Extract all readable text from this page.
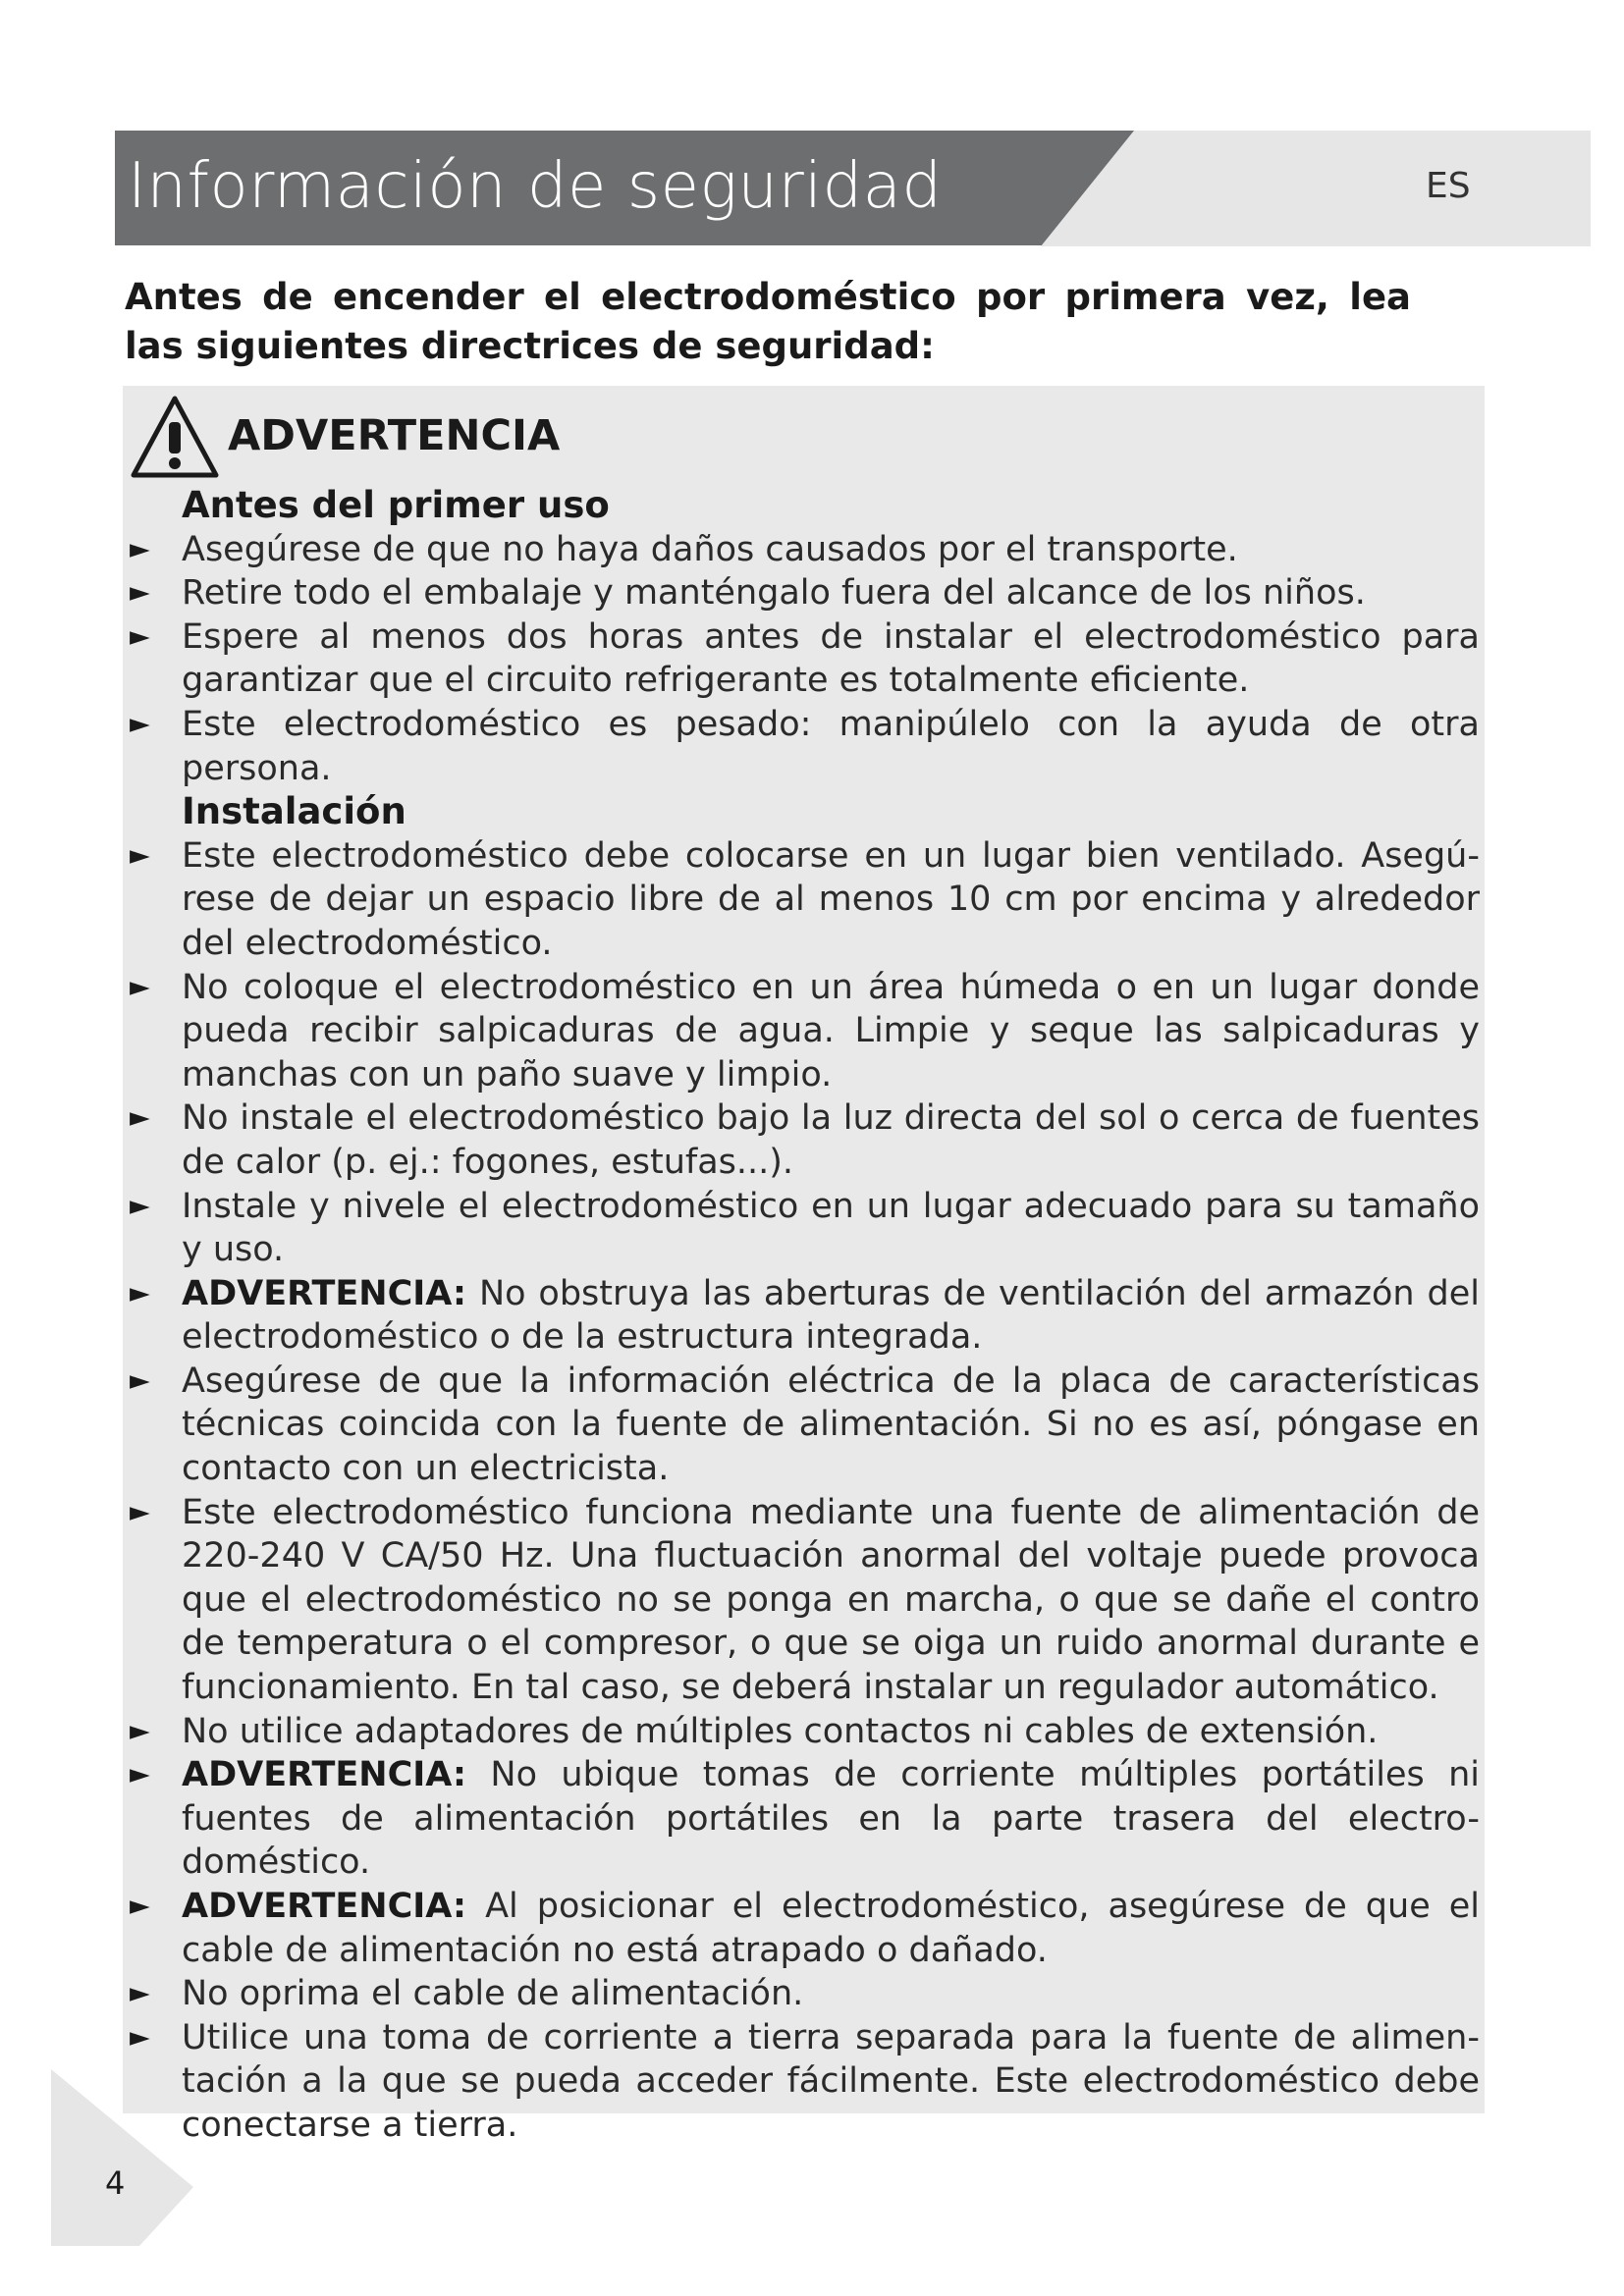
Información de seguridad	ES
Antes de encender el electrodoméstico por primera vez, lea las siguientes directrices de seguridad:
ADVERTENCIA
Antes del primer uso
► Asegúrese de que no haya daños causados por el transporte.
► Retire todo el embalaje y manténgalo fuera del alcance de los niños.
► Espere al menos dos horas antes de instalar el electrodoméstico para garantizar que el circuito refrigerante es totalmente eficiente.
► Este electrodoméstico es pesado: manipúlelo con la ayuda de otra persona.
Instalación
► Este electrodoméstico debe colocarse en un lugar bien ventilado. Asegú-rese de dejar un espacio libre de al menos 10 cm por encima y alrededor del electrodoméstico.
► No coloque el electrodoméstico en un área húmeda o en un lugar donde pueda recibir salpicaduras de agua. Limpie y seque las salpicaduras y manchas con un paño suave y limpio.
► No instale el electrodoméstico bajo la luz directa del sol o cerca de fuentes de calor (p. ej.: fogones, estufas...).
► Instale y nivele el electrodoméstico en un lugar adecuado para su tamaño y uso.
► ADVERTENCIA: No obstruya las aberturas de ventilación del armazón del electrodoméstico o de la estructura integrada.
► Asegúrese de que la información eléctrica de la placa de características técnicas coincida con la fuente de alimentación. Si no es así, póngase en contacto con un electricista.
► Este electrodoméstico funciona mediante una fuente de alimentación de 220-240 V CA/50 Hz. Una fluctuación anormal del voltaje puede provoca que el electrodoméstico no se ponga en marcha, o que se dañe el contro de temperatura o el compresor, o que se oiga un ruido anormal durante e funcionamiento. En tal caso, se deberá instalar un regulador automático.
► No utilice adaptadores de múltiples contactos ni cables de extensión.
► ADVERTENCIA: No ubique tomas de corriente múltiples portátiles ni fuentes de alimentación portátiles en la parte trasera del electro-doméstico.
► ADVERTENCIA: Al posicionar el electrodoméstico, asegúrese de que el cable de alimentación no está atrapado o dañado.
► No oprima el cable de alimentación.
► Utilice una toma de corriente a tierra separada para la fuente de alimen-tación a la que se pueda acceder fácilmente. Este electrodoméstico debe conectarse a tierra.
4
